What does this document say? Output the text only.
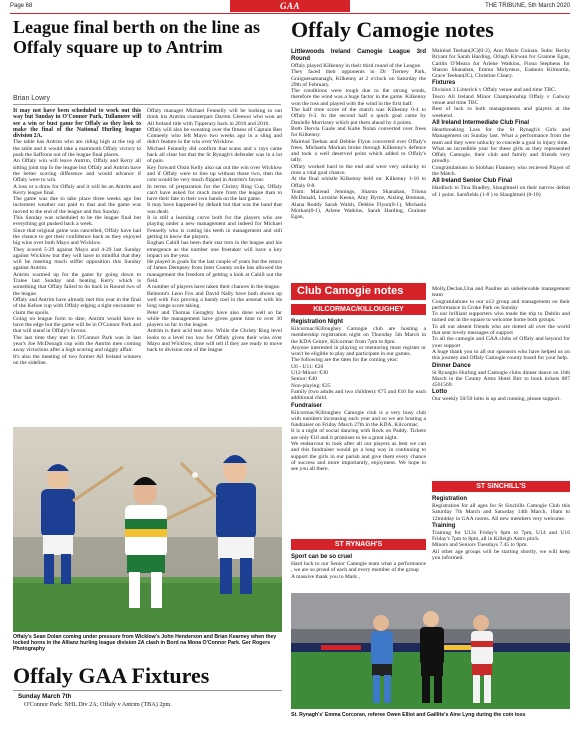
Page 68	GAA	THE TRIBUNE, 5th March 2020
League final berth on the line as Offaly square up to Antrim
Brian Lowry

It may not have been scheduled to work out this way but Sunday in O'Connor Park, Tullamore will see a win or bust game for Offaly as they look to make the final of the National Hurling league division 2A.

The table has Antrim who are riding high at the top of the table and it would take a mammoth Offaly victory to push the Saffrons out of the league final places.

An Offaly win will leave Antrim, Offaly and Kerry all sitting joint top fo the league but Offaly and Antrim have the better scoring difference and would advance if Offaly were to win.

A loss or a draw for Offaly and it will be an Antrim and Kerry league final.

The game was due to take place three weeks ago but inclement weather out paid to that and the game was moved to the end of the league and this Sunday.

This Sunday was scheduled to be the league final but everything got pushed back a week.

Since that original game was cancelled, Offaly have had the chance to get their confidence back as they enjoyed big wins over both Mayo and Wicklow.

They scored 5-29 against Mayo and 4-29 last Sunday against Wicklow but they will have to mindful that they will be meeting much stiffer opposition this Sunday against Antrim.

Antrim warmed up for the game by going down to Tralee last Sunday and beating Kerry which is something that Offaly failed to do back in Round two of the league.

Offaly and Antrim have already met this year in the final of the Kehoe cup with Offaly edging a tight encounter to claim the spoils.

Going on league form to date, Antrim would have to have the edge but the game will be in O'Connor Park and that will stand in Offaly's favour.

The last time they met in O'Connor Park was in last year's Joe McDonagh cup with the Antrim men coming away victorious after a high scoring and niggly affair.

It's also the meeting of two former All Ireland winners on the sideline.

Offaly manager Michael Fennelly will be looking to out think his Antrim counterpart Darren Gleeson who won an All Ireland title with Tipperary back in 2010 and 2016.

Offaly will also be sweating over the fitness of Captain Ben Conneely who left Mayo two weeks ago in a sling and didn't feature in the win over Wicklow.

Michael Fennelly did confirm that scans and x rays came back all clear but that the St Rynagh's defender was in a lot of pain.

Key forward Oisin Kelly also sat out the win over Wicklow and if Offaly were to line up without those two, then the coin would be very much flipped in Antrim's favour.

In terms of preparation for the Christy Ring Cup, Offaly can't have asked for much more from the league than to have their fate in their own hands on the last game.

It may have happened by default but that was the hand that was dealt.

It is still a learning curve both for the players who are playing under a new management and indeed for Michael Fennelly who is cutting his teeth in management and still getting to know the players.

Eoghan Cahill has been their star turn in the league and his emergence as the number one freetaker will have a key impact on the year.

He played in goals for the last couple of years but the return of James Dempsey from Inter County exile has allowed the management the freedom of getting a look at Cahill out the field.

A number of players have taken their chances in the league.

Belmont's Leon Fox and David Nally have both shown up well with Fox proving a handy tool in the arsenal with his long range score taking.

Peter and Thomas Geraghty have also done well so far while the management have given game time to over 30 players so far in the league.

Antrim is their acid test now. While the Christy Ring level looks to a level too low for Offaly given their wins over Mayo and Wicklow, time will tell if they are ready to move back to division one of the league

Offaly's Sean Dolan coming under pressure from Wicklow's John Henderson and Brian Kearney when they locked horns in the Allianz hurling league division 2A clash in Bord na Mona O'Connor Park. Ger Rogers Photography
Offaly GAA Fixtures
Sunday March 7th
O'Connor Park: NHL Div 2A; Offaly v Antrim (TBA) 2pm.
Offaly Camogie notes

Littlewoods Ireland Camogie League 3rd Round

Offaly played Kilkenny in their third round of the League.

They faced their opponents in Dr Tierney Park, Graiguenamanagh, Kilkenny at 2 o'clock on Saturday the 29th of February.

The conditions were tough due to the strong winds, therefore the wind was a huge factor in the game. Kilkenny won the toss and played with the wind in the first half.

The half time score of the match was Kilkenny 0-4 to Offaly 0-3. In the second half a quick goal came by Danielle Morrissey which put them ahead by 4 points.

Both Dervla Gaule and Katie Nolan converted over frees for Kilkenny.

Mairéad Teehan and Debbie Flynn converted over Offaly's frees. Michaela Morkan broke through Kilkenny's defence and took a well deserved point which added to Offaly's tally.

Offaly worked hard to the end and were very unlucky to miss a vital goal chance.

At the final whistle Kilkenny held on: Kilkenny 1-10 to Offaly 0-8.

Team: Mairead Jennings, Sharon Shanahan, Triona McDonald, Lorraine Keena, Amy Byrne, Aisling Brennan, Alana Roddy Sarah Walsh, Debbie Flynn(0-1), Michaela Morkan(0-1), Arlene Watkins, Sarah Harding, Grainne Egan,

Mairéad Teehan(JC)(0-2), Ann Marie Guinan. Subs: Becky Bryant for Sarah Harding, Orlagh Kirwan for Grainne Egan, Caitlin O'Meara for Arlene Watkins, Fiona Stephens for Sharon Shanahan, Emma Molyneux, Eadaoin Kilmartin, Grace Teehan(JC), Christine Cleary.

Fixtures

Division 3 Limerick v Offaly venue and and time TBC.

Tesco All Ireland Minor Championship Offaly v Galway venue and time TBC

Best of luck to both managements and players at the weekend.

All Ireland Intermediate Club Final

Heartbreaking Loss for the St Rynagh's Girls and Management on Sunday last. What a performance from the team and they were unlucky to concede a goal in injury time.

What an incredible year for these girls as they represented Offaly Camogie, their club and family and friends very proudly.

Congratulations to Siobhan Flannery who recieved Player of the Match.

All Ireland Senior Club Final

Hardluck to Tina Bradley, Slaughtneil on their narrow defeat of 1 point. Sarsfields (1-8 ) to Slaughtneil (0-10)

Club Camogie notes
KILCORMAC/KILLOUGHEY

Registration Night

Kilcormac/Killoughey Camogie club are hosting a membership registration night on Thursday 5th March in the KDA Centre, Kilcormac from 7pm to 8pm.

Anyone interested in playing or mentoring must register or won't be eligible to play and participate in our games.

The following are the rates for the coming year:

U6 - U11: €20

U12-Minor: €30

Senior: €40

Non-playing: €25

Family (two adults and two children): €75 and €10 for each additional child.

Fundraiser

Kilcormac/Killoughey Camogie club is a very busy club with numbers increasing each year and so we are hosting a fundraiser on Friday March 27th in the KDA, Kilcormac.

It is a night of social dancing with Rock on Paddy. Tickets are only €10 and it promises to be a great night.

We endeavour to look after all our players as best we can and this fundraiser would go a long way in continuing to support the girls in our parish and give them every chance of success and more importantly, enjoyment. We hope to see you all there.

ST RYNAGH'S

Sport can be so cruel

Hard luck to our Senior Camogie team what a performance , we are so proud of each and every member of the group

A massive thank you to Mark ,

Molly,Declan,Una and Pauline an unbelievable management team

Congratulations to our u12 group and management on their performance in Croke Park on Sunday

To our brilliant supporters who made the trip to Dublin and turned out in the square to welcome home both groups.

To all our absent friends who are dotted all over the world that sent lovely messages of support

To all the camogie and GAA clubs of Offaly and beyond for your support

A huge thank you to all our sponsors who have helped us on this journey and Offaly Camogie county board for your help.

Dinner Dance

St Rynaghs Hurling and Camogie clubs dinner dance on 16th March in the County Arms Hotel Birr to book tickets 087 4561569.

Lotto

Our weekly 50/50 lotto is up and running, please support.

ST SINCHILL'S

Registration

Registration for all ages for St Sinchills Camogie Club this Saturday 7th March and Saturday 14th March, 10am to 12midday in GAA rooms. All new members very welcome.

Training

Training for U12s Friday's 6pm to 7pm, U14 and U16 Friday's 7pm to 8pm, all in Killeigh Astro pitch.

Minors and Seniors Tuesdays 7.45 to 9pm.

All other age groups will be starting shortly, we will keep you informed.

St. Rynagh's' Emma Corcoran, referee Owen Elliot and Gaillite's Aine Lyng during the coin toss
